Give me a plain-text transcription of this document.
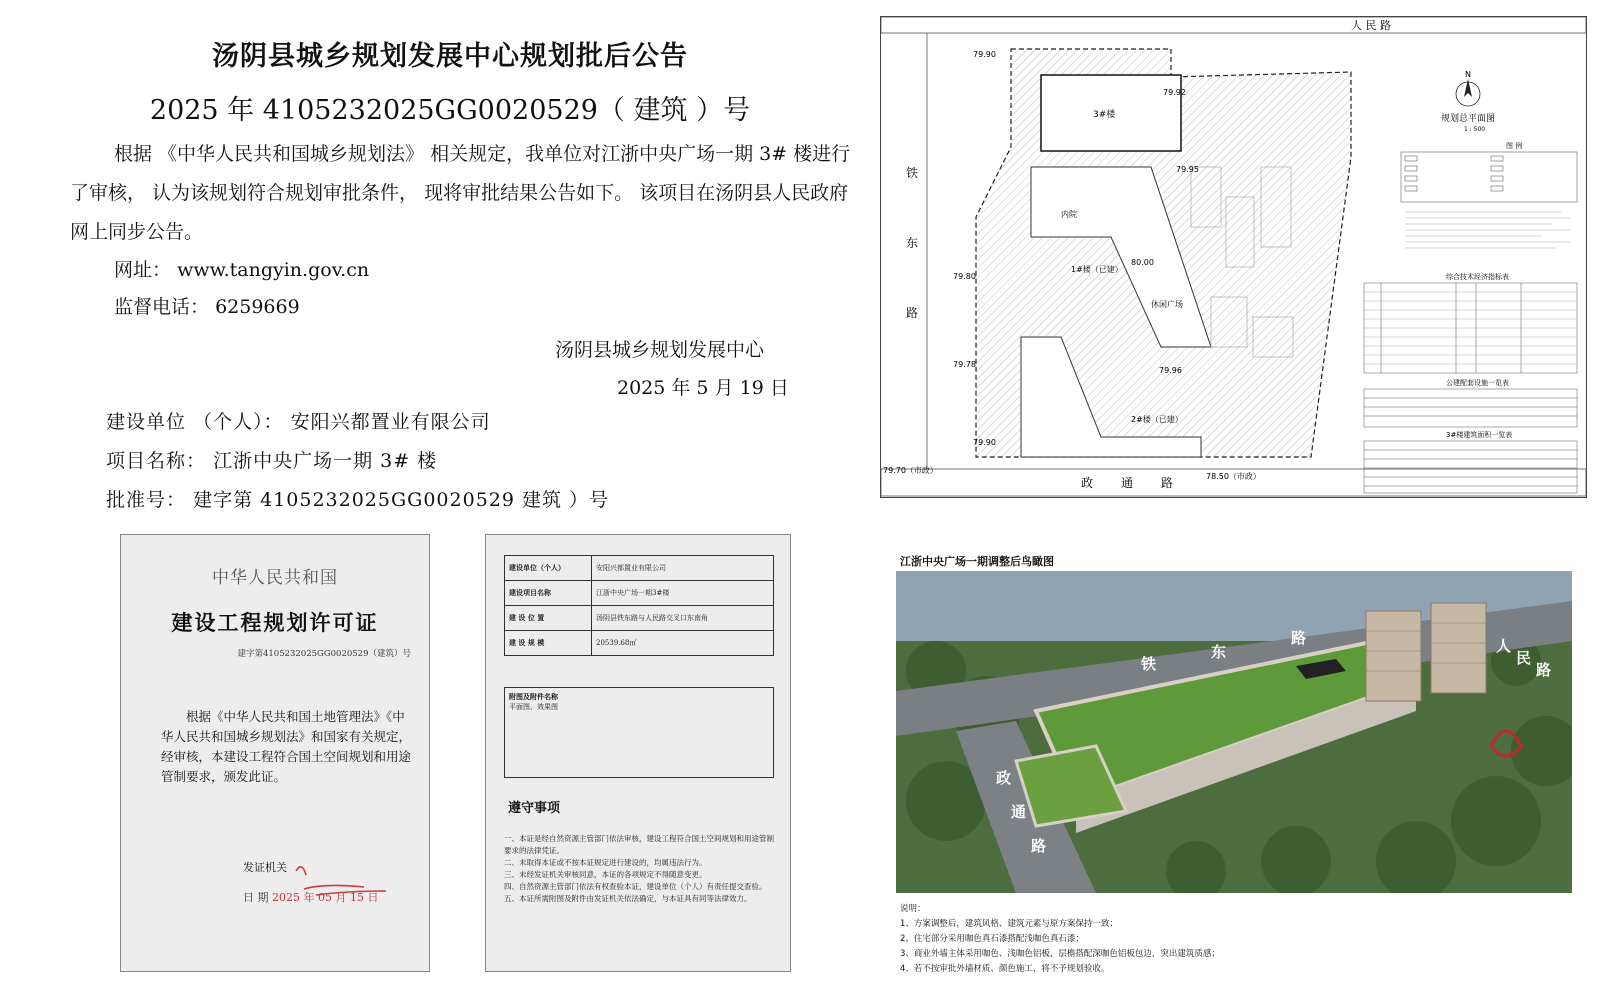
汤阴县城乡规划发展中心规划批后公告
2025 年 4105232025GG0020529（ 建筑 ）号
根据 《中华人民共和国城乡规划法》 相关规定，我单位对江浙中央广场一期 3# 楼进行了审核， 认为该规划符合规划审批条件， 现将审批结果公告如下。 该项目在汤阴县人民政府网上同步公告。
网址： www.tangyin.gov.cn
监督电话： 6259669
汤阴县城乡规划发展中心
2025 年 5 月 19 日
建设单位 （个人）： 安阳兴都置业有限公司
项目名称： 江浙中央广场一期 3# 楼
批准号： 建字第 4105232025GG0020529 建筑 ）号
人 民 路
铁
东
路
政 通 路
3#楼
1#楼（已建）
内院
2#楼（已建）
休闲广场
79.90
79.92
79.95
80.00
79.80
79.78
79.96
79.90
79.70（市政）
78.50（市政）
N
规划总平面图
1 : 500
图 例
综合技术经济指标表
公建配套设施一览表
3#楼建筑面积一览表
江浙中央广场一期调整后鸟瞰图
铁
东
路	人
民
路
政
通
路
说明：
1、方案调整后，建筑风格、建筑元素与原方案保持一致；
2、住宅部分采用咖色真石漆搭配浅咖色真石漆；
3、商业外墙主体采用咖色、浅咖色铝板，层檐搭配深咖色铝板包边，突出建筑质感；
4、若不按审批外墙材质、颜色施工，将不予规划验收。
中华人民共和国
建设工程规划许可证
建字第4105232025GG0020529（建筑）号
根据《中华人民共和国土地管理法》《中华人民共和国城乡规划法》和国家有关规定，经审核，本建设工程符合国土空间规划和用途管制要求，颁发此证。
发证机关
日 期 2025 年 05 月 15 日
建设单位（个人）	安阳兴都置业有限公司
建设项目名称	江浙中央广场一期3#楼
建 设 位 置	汤阴县铁东路与人民路交叉口东南角
建 设 规 模	20539.68㎡
附图及附件名称
平面图、效果图
遵守事项
一、本证是经自然资源主管部门依法审核，建设工程符合国土空间规划和用途管制要求的法律凭证。
二、未取得本证或不按本证规定进行建设的，均属违法行为。
三、未经发证机关审核同意，本证的各项规定不得随意变更。
四、自然资源主管部门依法有权查验本证，建设单位（个人）有责任提交查验。
五、本证所需附图及附件由发证机关依法确定，与本证具有同等法律效力。
